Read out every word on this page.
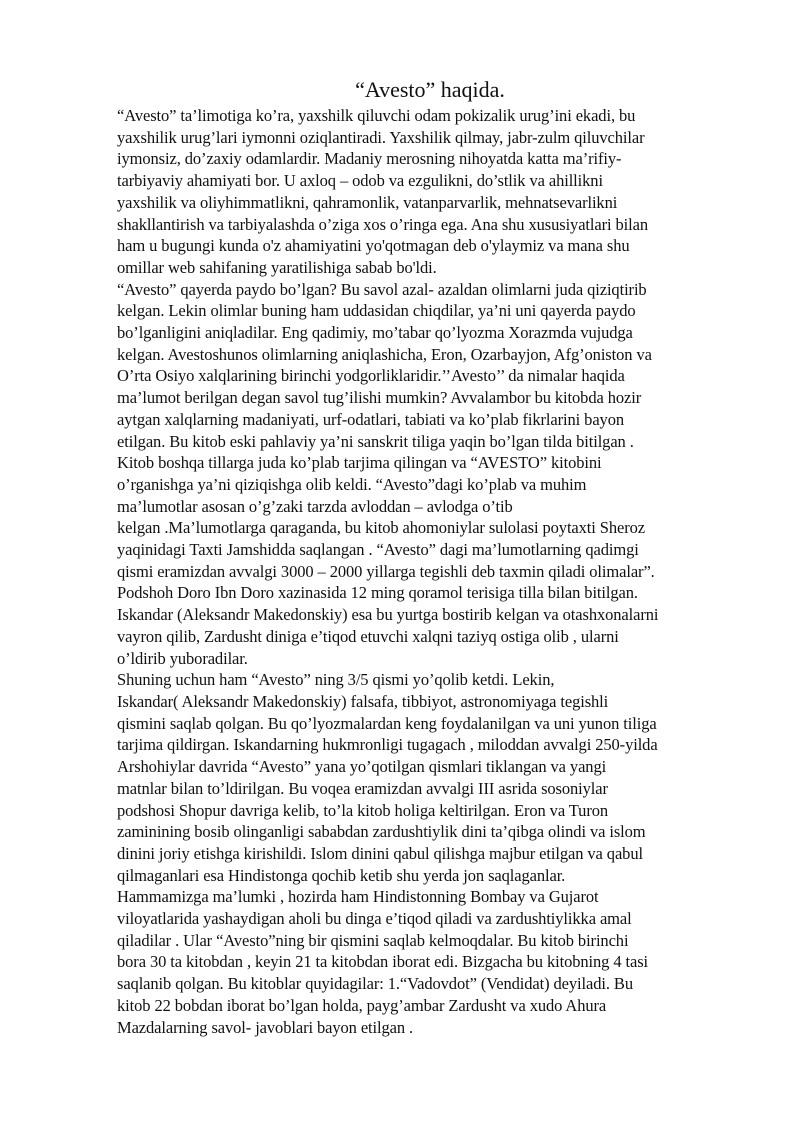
“Avesto” haqida.
“Avesto” ta’limotiga ko’ra, yaxshilk qiluvchi odam pokizalik urug’ini ekadi, bu
yaxshilik urug’lari iymonni oziqlantiradi. Yaxshilik qilmay, jabr-zulm qiluvchilar
iymonsiz, do’zaxiy odamlardir. Madaniy merosning nihoyatda katta ma’rifiy-
tarbiyaviy ahamiyati bor. U axloq – odob va ezgulikni, do’stlik va ahillikni
yaxshilik va oliyhimmatlikni, qahramonlik, vatanparvarlik, mehnatsevarlikni
shakllantirish va tarbiyalashda o’ziga xos o’ringa ega. Ana shu xususiyatlari bilan
ham u bugungi kunda o'z ahamiyatini yo'qotmagan deb o'ylaymiz va mana shu
omillar web sahifaning yaratilishiga sabab bo'ldi.
“Avesto” qayerda paydo bo’lgan? Bu savol azal- azaldan olimlarni juda qiziqtirib
kelgan. Lekin olimlar buning ham uddasidan chiqdilar, ya’ni uni qayerda paydo
bo’lganligini aniqladilar. Eng qadimiy, mo’tabar qo’lyozma Xorazmda vujudga
kelgan. Avestoshunos olimlarning aniqlashicha, Eron, Ozarbayjon, Afg’oniston va
O’rta Osiyo xalqlarining birinchi yodgorliklaridir.’’Avesto’’ da nimalar haqida
ma’lumot berilgan degan savol tug’ilishi mumkin? Avvalambor bu kitobda hozir
aytgan xalqlarning madaniyati, urf-odatlari, tabiati va ko’plab fikrlarini bayon
etilgan. Bu kitob eski pahlaviy ya’ni sanskrit tiliga yaqin bo’lgan tilda bitilgan .
Kitob boshqa tillarga juda ko’plab tarjima qilingan va “AVESTO” kitobini
o’rganishga ya’ni qiziqishga olib keldi. “Avesto”dagi ko’plab va muhim
ma’lumotlar asosan o’g’zaki tarzda avloddan – avlodga o’tib
kelgan .Ma’lumotlarga qaraganda, bu kitob ahomoniylar sulolasi poytaxti Sheroz
yaqinidagi Taxti Jamshidda saqlangan . “Avesto” dagi ma’lumotlarning qadimgi
qismi eramizdan avvalgi 3000 – 2000 yillarga tegishli deb taxmin qiladi olimalar”.
Podshoh Doro Ibn Doro xazinasida 12 ming qoramol terisiga tilla bilan bitilgan.
Iskandar (Aleksandr Makedonskiy) esa bu yurtga bostirib kelgan va otashxonalarni
vayron qilib, Zardusht diniga e’tiqod etuvchi xalqni taziyq ostiga olib , ularni
o’ldirib yuboradilar.
Shuning uchun ham “Avesto” ning 3/5 qismi yo’qolib ketdi. Lekin,
Iskandar( Aleksandr Makedonskiy) falsafa, tibbiyot, astronomiyaga tegishli
qismini saqlab qolgan. Bu qo’lyozmalardan keng foydalanilgan va uni yunon tiliga
tarjima qildirgan. Iskandarning hukmronligi tugagach , miloddan avvalgi 250-yilda
Arshohiylar davrida “Avesto” yana yo’qotilgan qismlari tiklangan va yangi
matnlar bilan to’ldirilgan. Bu voqea eramizdan avvalgi III asrida sosoniylar
podshosi Shopur davriga kelib, to’la kitob holiga keltirilgan. Eron va Turon
zaminining bosib olinganligi sababdan zardushtiylik dini ta’qibga olindi va islom
dinini joriy etishga kirishildi. Islom dinini qabul qilishga majbur etilgan va qabul
qilmaganlari esa Hindistonga qochib ketib shu yerda jon saqlaganlar.
Hammamizga ma’lumki , hozirda ham Hindistonning Bombay va Gujarot
viloyatlarida yashaydigan aholi bu dinga e’tiqod qiladi va zardushtiylikka amal
qiladilar . Ular “Avesto”ning bir qismini saqlab kelmoqdalar. Bu kitob birinchi
bora 30 ta kitobdan , keyin 21 ta kitobdan iborat edi. Bizgacha bu kitobning 4 tasi
saqlanib qolgan. Bu kitoblar quyidagilar: 1.“Vadovdot” (Vendidat) deyiladi. Bu
kitob 22 bobdan iborat bo’lgan holda, payg’ambar Zardusht va xudo Ahura
Mazdalarning savol- javoblari bayon etilgan .
